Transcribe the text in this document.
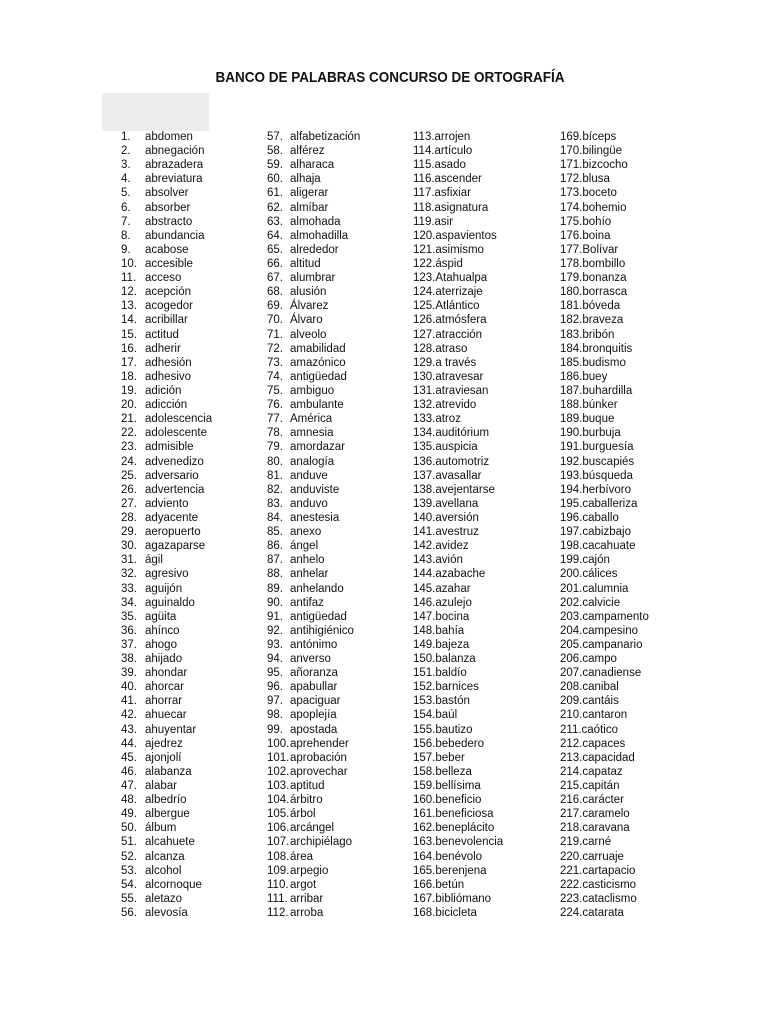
BANCO DE PALABRAS CONCURSO DE ORTOGRAFÍA
1. abdomen
2. abnegación
3. abrazadera
4. abreviatura
5. absolver
6. absorber
7. abstracto
8. abundancia
9. acabose
10. accesible
11. acceso
12. acepción
13. acogedor
14. acribillar
15. actitud
16. adherir
17. adhesión
18. adhesivo
19. adición
20. adicción
21. adolescencia
22. adolescente
23. admisible
24. advenedizo
25. adversario
26. advertencia
27. adviento
28. adyacente
29. aeropuerto
30. agazaparse
31. ágil
32. agresivo
33. aguijón
34. aguinaldo
35. agüita
36. ahínco
37. ahogo
38. ahijado
39. ahondar
40. ahorcar
41. ahorrar
42. ahuecar
43. ahuyentar
44. ajedrez
45. ajonjolí
46. alabanza
47. alabar
48. albedrío
49. albergue
50. álbum
51. alcahuete
52. alcanza
53. alcohol
54. alcornoque
55. aletazo
56. alevosía
57. alfabetización
58. alférez
59. alharaca
60. alhaja
61. aligerar
62. almíbar
63. almohada
64. almohadilla
65. alrededor
66. altitud
67. alumbrar
68. alusión
69. Álvarez
70. Álvaro
71. alveolo
72. amabilidad
73. amazónico
74. antigüedad
75. ambiguo
76. ambulante
77. América
78. amnesia
79. amordazar
80. analogía
81. anduve
82. anduviste
83. anduvo
84. anestesia
85. anexo
86. ángel
87. anhelo
88. anhelar
89. anhelando
90. antifaz
91. antigüedad
92. antihigiénico
93. antónimo
94. anverso
95. añoranza
96. apabullar
97. apaciguar
98. apoplejía
99. apostada
100.aprehender
101.aprobación
102.aprovechar
103.aptitud
104.árbitro
105.árbol
106.arcángel
107.archipiélago
108.área
109.arpegio
110.argot
111. arribar
112.arroba
113.arrojen
114.artículo
115.asado
116.ascender
117.asfixiar
118.asignatura
119.asir
120.aspavientos
121.asimismo
122.áspid
123.Atahualpa
124.aterrizaje
125.Atlántico
126.atmósfera
127.atracción
128.atraso
129.a través
130.atravesar
131.atraviesan
132.atrevido
133.atroz
134.auditórium
135.auspicia
136.automotriz
137.avasallar
138.avejentarse
139.avellana
140.aversión
141.avestruz
142.avidez
143.avión
144.azabache
145.azahar
146.azulejo
147.bocina
148.bahía
149.bajeza
150.balanza
151.baldío
152.barnices
153.bastón
154.baúl
155.bautizo
156.bebedero
157.beber
158.belleza
159.bellísima
160.beneficio
161.beneficiosa
162.beneplácito
163.benevolencia
164.benévolo
165.berenjena
166.betún
167.bibliómano
168.bicicleta
169.bíceps
170.bilingüe
171.bizcocho
172.blusa
173.boceto
174.bohemio
175.bohío
176.boina
177.Bolívar
178.bombillo
179.bonanza
180.borrasca
181.bóveda
182.braveza
183.bribón
184.bronquitis
185.budismo
186.buey
187.buhardilla
188.búnker
189.buque
190.burbuja
191.burguesía
192.buscapiés
193.búsqueda
194.herbívoro
195.caballeriza
196.caballo
197.cabizbajo
198.cacahuate
199.cajón
200.cálices
201.calumnia
202.calvicie
203.campamento
204.campesino
205.campanario
206.campo
207.canadiense
208.canibal
209.cantáis
210.cantaron
211.caótico
212.capaces
213.capacidad
214.capataz
215.capitán
216.carácter
217.caramelo
218.caravana
219.carné
220.carruaje
221.cartapacio
222.casticismo
223.cataclismo
224.catarata
